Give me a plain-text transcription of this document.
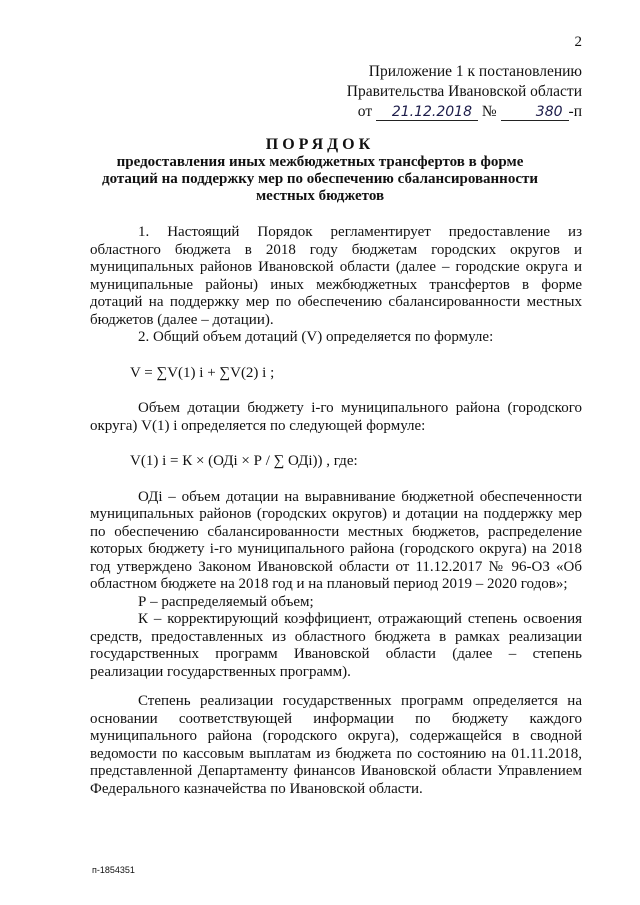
2
Приложение 1 к постановлению
Правительства Ивановской области
от 21.12.2018 №	380 -п
ПОРЯДОК
предоставления иных межбюджетных трансфертов в форме дотаций на поддержку мер по обеспечению сбалансированности местных бюджетов

1. Настоящий Порядок регламентирует предоставление из областного бюджета в 2018 году бюджетам городских округов и муниципальных районов Ивановской области (далее – городские округа и муниципальные районы) иных межбюджетных трансфертов в форме дотаций на поддержку мер по обеспечению сбалансированности местных бюджетов (далее – дотации).

2. Общий объем дотаций (V) определяется по формуле:

V = ∑V(1) i + ∑V(2) i ;

Объем дотации бюджету i-го муниципального района (городского округа) V(1) i определяется по следующей формуле:

V(1) i = К × (ОДi × Р / ∑ ОДi)) , где:

ОДi – объем дотации на выравнивание бюджетной обеспеченности муниципальных районов (городских округов) и дотации на поддержку мер по обеспечению сбалансированности местных бюджетов, распределение которых бюджету i-го муниципального района (городского округа) на 2018 год утверждено Законом Ивановской области от 11.12.2017 № 96-ОЗ «Об областном бюджете на 2018 год и на плановый период 2019 – 2020 годов»;

Р – распределяемый объем;

К – корректирующий коэффициент, отражающий степень освоения средств, предоставленных из областного бюджета в рамках реализации государственных программ Ивановской области (далее – степень реализации государственных программ).

Степень реализации государственных программ определяется на основании соответствующей информации по бюджету каждого муниципального района (городского округа), содержащейся в сводной ведомости по кассовым выплатам из бюджета по состоянию на 01.11.2018, представленной Департаменту финансов Ивановской области Управлением Федерального казначейства по Ивановской области.

п-1854351
